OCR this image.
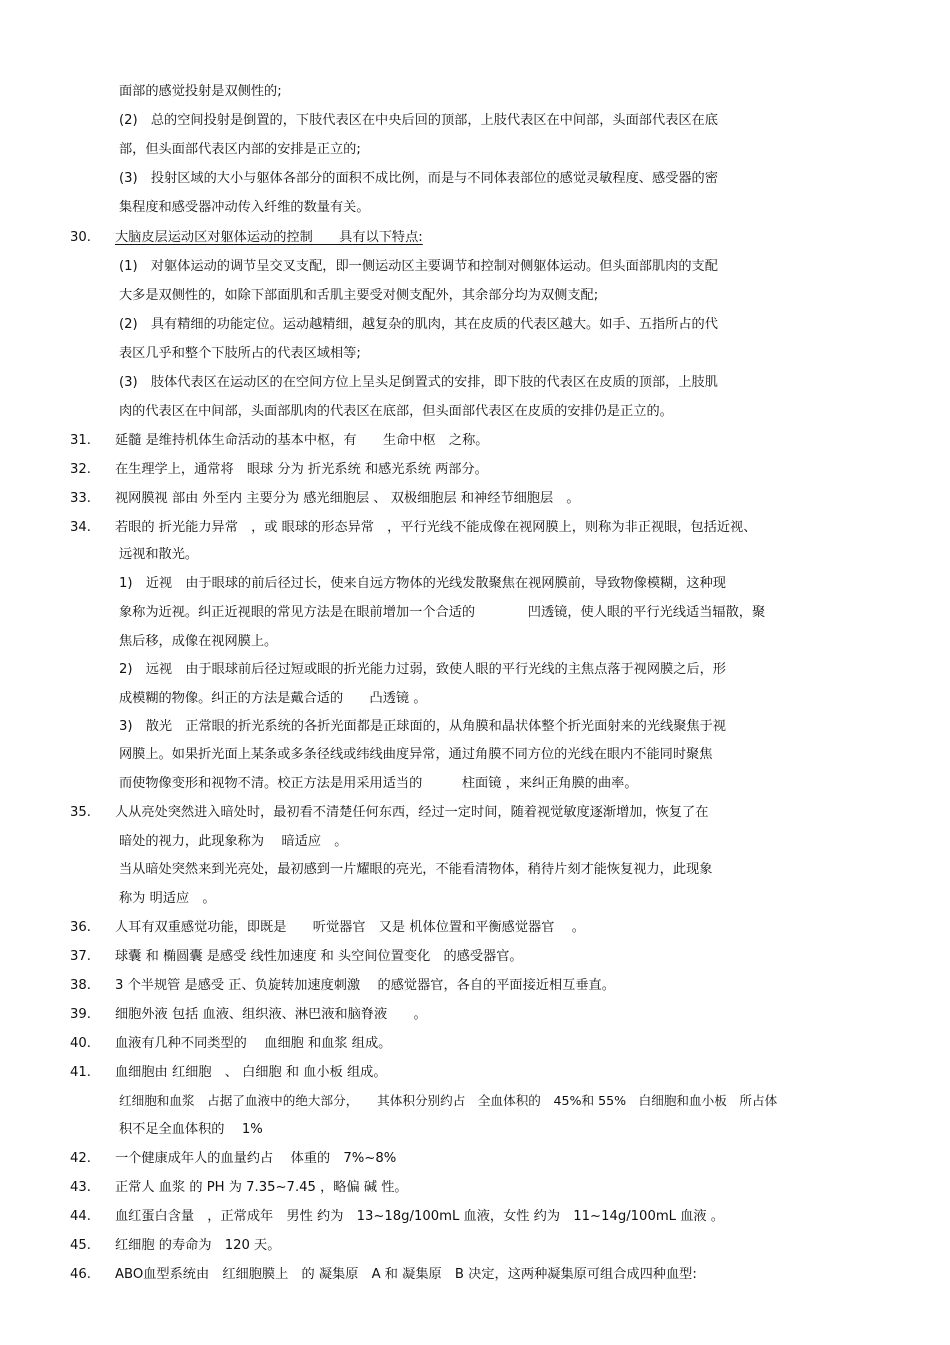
面部的感觉投射是双侧性的;
(2)　总的空间投射是倒置的，下肢代表区在中央后回的顶部，上肢代表区在中间部，头面部代表区在底
部，但头面部代表区内部的安排是正立的;
(3)　投射区域的大小与躯体各部分的面积不成比例，而是与不同体表部位的感觉灵敏程度、感受器的密
集程度和感受器冲动传入纤维的数量有关。
30. 大脑皮层运动区对躯体运动的控制　　具有以下特点:
(1)　对躯体运动的调节呈交叉支配，即一侧运动区主要调节和控制对侧躯体运动。但头面部肌肉的支配
大多是双侧性的，如除下部面肌和舌肌主要受对侧支配外，其余部分均为双侧支配;
(2)　具有精细的功能定位。运动越精细，越复杂的肌肉，其在皮质的代表区越大。如手、五指所占的代
表区几乎和整个下肢所占的代表区域相等;
(3)　肢体代表区在运动区的在空间方位上呈头足倒置式的安排，即下肢的代表区在皮质的顶部，上肢肌
肉的代表区在中间部，头面部肌肉的代表区在底部，但头面部代表区在皮质的安排仍是正立的。
31. 延髓 是维持机体生命活动的基本中枢，有　　生命中枢　之称。
32. 在生理学上，通常将　眼球 分为 折光系统 和感光系统 两部分。
33. 视网膜视 部由 外至内 主要分为 感光细胞层 、 双极细胞层 和神经节细胞层　。
34. 若眼的 折光能力异常　，或 眼球的形态异常　，平行光线不能成像在视网膜上，则称为非正视眼，包括近视、
远视和散光。
1)　近视　由于眼球的前后径过长，使来自远方物体的光线发散聚焦在视网膜前，导致物像模糊，这种现
象称为近视。纠正近视眼的常见方法是在眼前增加一个合适的　　　　凹透镜，使人眼的平行光线适当辐散，聚
焦后移，成像在视网膜上。
2)　远视　由于眼球前后径过短或眼的折光能力过弱，致使人眼的平行光线的主焦点落于视网膜之后，形
成模糊的物像。纠正的方法是戴合适的　　凸透镜 。
3)　散光　正常眼的折光系统的各折光面都是正球面的，从角膜和晶状体整个折光面射来的光线聚焦于视
网膜上。如果折光面上某条或多条径线或纬线曲度异常，通过角膜不同方位的光线在眼内不能同时聚焦
而使物像变形和视物不清。校正方法是用采用适当的　　　柱面镜 ，来纠正角膜的曲率。
35. 人从亮处突然进入暗处时，最初看不清楚任何东西，经过一定时间，随着视觉敏度逐渐增加，恢复了在
暗处的视力，此现象称为　 暗适应　。
当从暗处突然来到光亮处，最初感到一片耀眼的亮光，不能看清物体，稍待片刻才能恢复视力，此现象
称为 明适应　。
36. 人耳有双重感觉功能，即既是　　听觉器官　又是 机体位置和平衡感觉器官　 。
37. 球囊 和 椭圆囊 是感受 线性加速度 和 头空间位置变化　的感受器官。
38. 3 个半规管 是感受 正、负旋转加速度刺激　 的感觉器官，各自的平面接近相互垂直。
39. 细胞外液 包括 血液、组织液、淋巴液和脑脊液　　。
40. 血液有几种不同类型的　 血细胞 和血浆 组成。
41. 血细胞由 红细胞　、 白细胞 和 血小板 组成。
红细胞和血浆　占据了血液中的绝大部分，　　其体积分别约占　全血体积的　45%和 55%　白细胞和血小板　所占体
积不足全血体积的　 1%
42. 一个健康成年人的血量约占　 体重的　7%~8%
43. 正常人 血浆 的 PH 为 7.35~7.45 ，略偏 碱 性。
44. 血红蛋白含量　，正常成年　男性 约为　13~18g/100mL 血液，女性 约为　11~14g/100mL 血液 。
45. 红细胞 的寿命为　120 天。
46. ABO血型系统由　红细胞膜上　的 凝集原　A 和 凝集原　B 决定，这两种凝集原可组合成四种血型:
